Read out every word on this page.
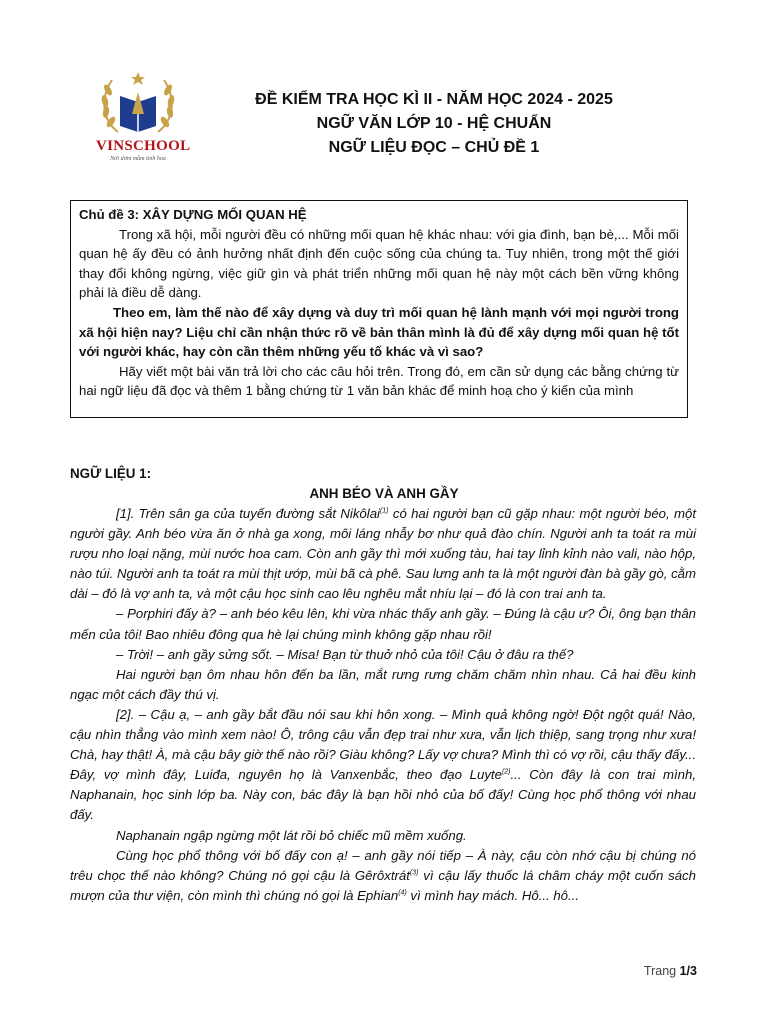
VINSCHOOL
Nơi ươm mầm tinh hoa
ĐỀ KIỂM TRA HỌC KÌ II - NĂM HỌC 2024 - 2025
NGỮ VĂN LỚP 10 - HỆ CHUẨN
NGỮ LIỆU ĐỌC – CHỦ ĐỀ 1

Chủ đề 3: XÂY DỰNG MỐI QUAN HỆ

Trong xã hội, mỗi người đều có những mối quan hệ khác nhau: với gia đình, bạn bè,... Mỗi mối quan hệ ấy đều có ảnh hưởng nhất định đến cuộc sống của chúng ta. Tuy nhiên, trong một thế giới thay đổi không ngừng, việc giữ gìn và phát triển những mối quan hệ này một cách bền vững không phải là điều dễ dàng.

Theo em, làm thế nào để xây dựng và duy trì mối quan hệ lành mạnh với mọi người trong xã hội hiện nay? Liệu chỉ cần nhận thức rõ về bản thân mình là đủ để xây dựng mối quan hệ tốt với người khác, hay còn cần thêm những yếu tố khác và vì sao?

Hãy viết một bài văn trả lời cho các câu hỏi trên. Trong đó, em cần sử dụng các bằng chứng từ hai ngữ liệu đã đọc và thêm 1 bằng chứng từ 1 văn bản khác để minh hoạ cho ý kiến của mình

NGỮ LIỆU 1:
ANH BÉO VÀ ANH GẦY

[1]. Trên sân ga của tuyến đường sắt Nikôlai$^{(1)}$ có hai người bạn cũ gặp nhau: một người béo, một người gầy. Anh béo vừa ăn ở nhà ga xong, môi láng nhẫy bơ như quả đào chín. Người anh ta toát ra mùi rượu nho loại nặng, mùi nước hoa cam. Còn anh gầy thì mới xuống tàu, hai tay lỉnh kỉnh nào vali, nào hộp, nào túi. Người anh ta toát ra mùi thịt ướp, mùi bã cà phê. Sau lưng anh ta là một người đàn bà gầy gò, cằm dài – đó là vợ anh ta, và một cậu học sinh cao lêu nghêu mắt nhíu lại – đó là con trai anh ta.

– Porphiri đấy à? – anh béo kêu lên, khi vừa nhác thấy anh gầy. – Đúng là cậu ư? Ôi, ông bạn thân mến của tôi! Bao nhiêu đông qua hè lại chúng mình không gặp nhau rồi!

– Trời! – anh gầy sửng sốt. – Misa! Bạn từ thuở nhỏ của tôi! Cậu ở đâu ra thế?

Hai người bạn ôm nhau hôn đến ba lần, mắt rưng rưng chăm chăm nhìn nhau. Cả hai đều kinh ngạc một cách đầy thú vị.

[2]. – Cậu ạ, – anh gầy bắt đầu nói sau khi hôn xong. – Mình quả không ngờ! Đột ngột quá! Nào, cậu nhìn thẳng vào mình xem nào! Ô, trông cậu vẫn đẹp trai như xưa, vẫn lịch thiệp, sang trọng như xưa! Chà, hay thật! À, mà cậu bây giờ thế nào rồi? Giàu không? Lấy vợ chưa? Mình thì có vợ rồi, cậu thấy đấy... Đây, vợ mình đây, Luiđa, nguyên họ là Vanxenbắc, theo đạo Luyte$^{(2)}$... Còn đây là con trai mình, Naphanain, học sinh lớp ba. Này con, bác đây là bạn hồi nhỏ của bố đấy! Cùng học phổ thông với nhau đấy.

Naphanain ngập ngừng một lát rồi bỏ chiếc mũ mềm xuống.

Cùng học phổ thông với bố đấy con ạ! – anh gầy nói tiếp – À này, cậu còn nhớ cậu bị chúng nó trêu chọc thế nào không? Chúng nó gọi cậu là Gêrôxtrát$^{(3)}$ vì cậu lấy thuốc lá châm cháy một cuốn sách mượn của thư viện, còn mình thì chúng nó gọi là Ephian$^{(4)}$ vì mình hay mách. Hô... hô...

Trang 1/3
